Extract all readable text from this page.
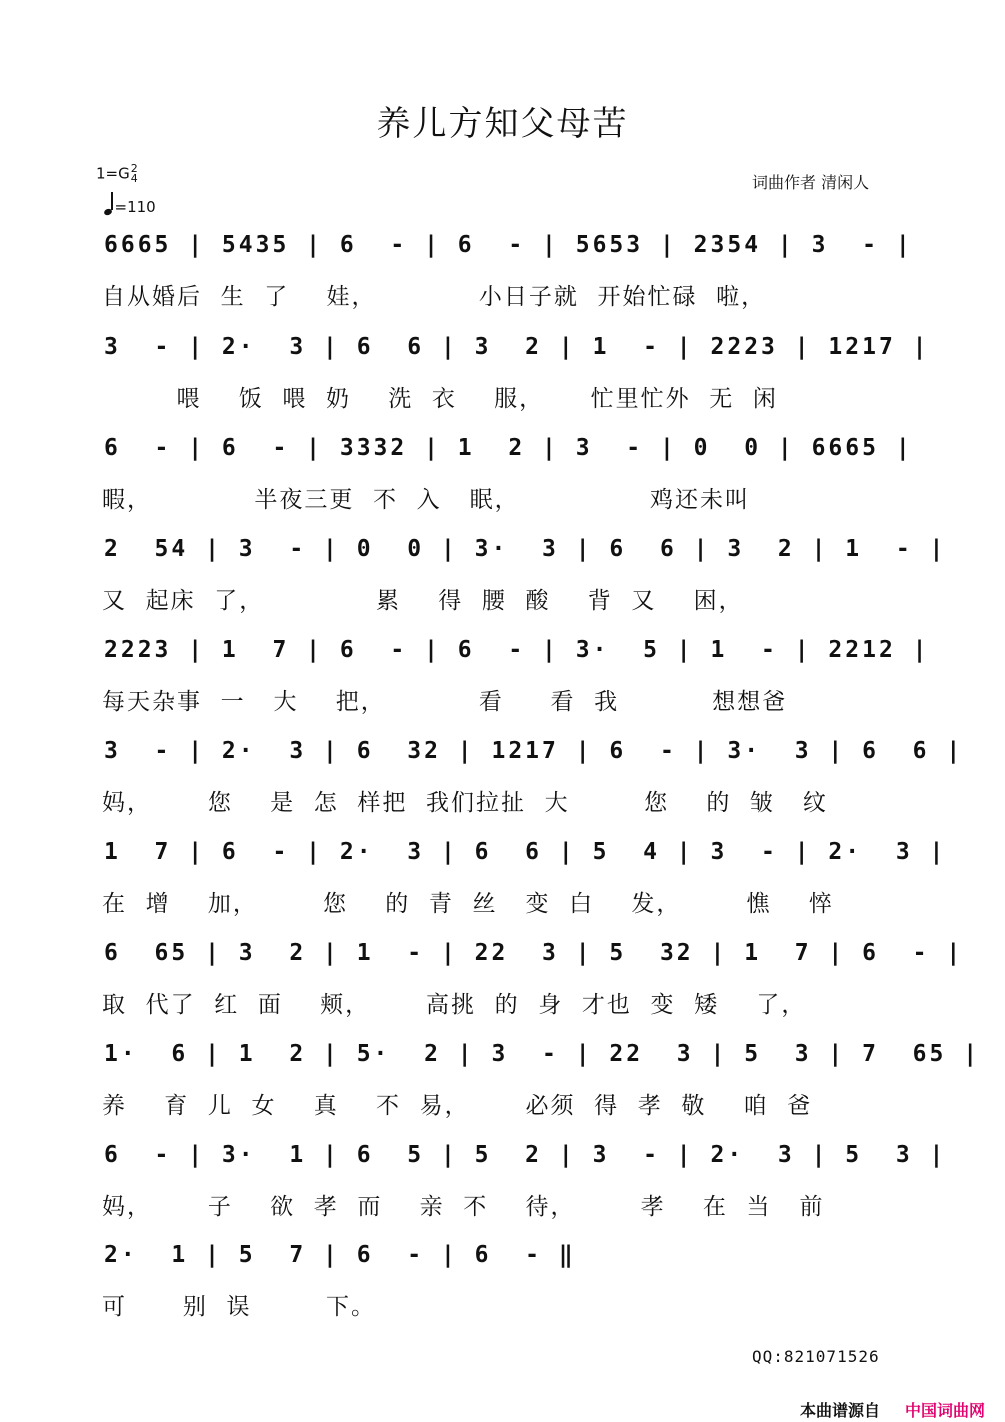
养儿方知父母苦
1=G2
4
=110
词曲作者 清闲人
6665 | 5435 | 6  - | 6  - | 5653 | 2354 | 3  - |
自从婚后  生  了    娃，           小日子就  开始忙碌  啦，
3  - | 2·  3 | 6  6 | 3  2 | 1  - | 2223 | 1217 |
喂    饭  喂  奶    洗  衣    服，     忙里忙外  无  闲
6  - | 6  - | 3332 | 1  2 | 3  - | 0  0 | 6665 |
暇，           半夜三更  不  入   眠，              鸡还未叫
2  54 | 3  - | 0  0 | 3·  3 | 6  6 | 3  2 | 1  - |
又  起床  了，            累    得  腰  酸    背  又    困，
2223 | 1  7 | 6  - | 6  - | 3·  5 | 1  - | 2212 |
每天杂事  一   大    把，          看     看  我          想想爸
3  - | 2·  3 | 6  32 | 1217 | 6  - | 3·  3 | 6  6 |
妈，      您    是  怎  样把  我们拉扯  大        您    的  皱   纹
1  7 | 6  - | 2·  3 | 6  6 | 5  4 | 3  - | 2·  3 |
在  增    加，       您    的  青  丝   变  白    发，       憔    悴
6  65 | 3  2 | 1  - | 22  3 | 5  32 | 1  7 | 6  - |
取  代了  红  面    颊，      高挑  的  身  才也  变  矮    了，
1·  6 | 1  2 | 5·  2 | 3  - | 22  3 | 5  3 | 7  65 |
养    育  儿  女    真    不  易，      必须  得  孝  敬    咱  爸
6  - | 3·  1 | 6  5 | 5  2 | 3  - | 2·  3 | 5  3 |
妈，      子    欲  孝  而    亲  不    待，       孝    在  当   前
2·  1 | 5  7 | 6  - | 6  - ‖
可      别  误        下。
QQ:821071526
本曲谱源自 中国词曲网
